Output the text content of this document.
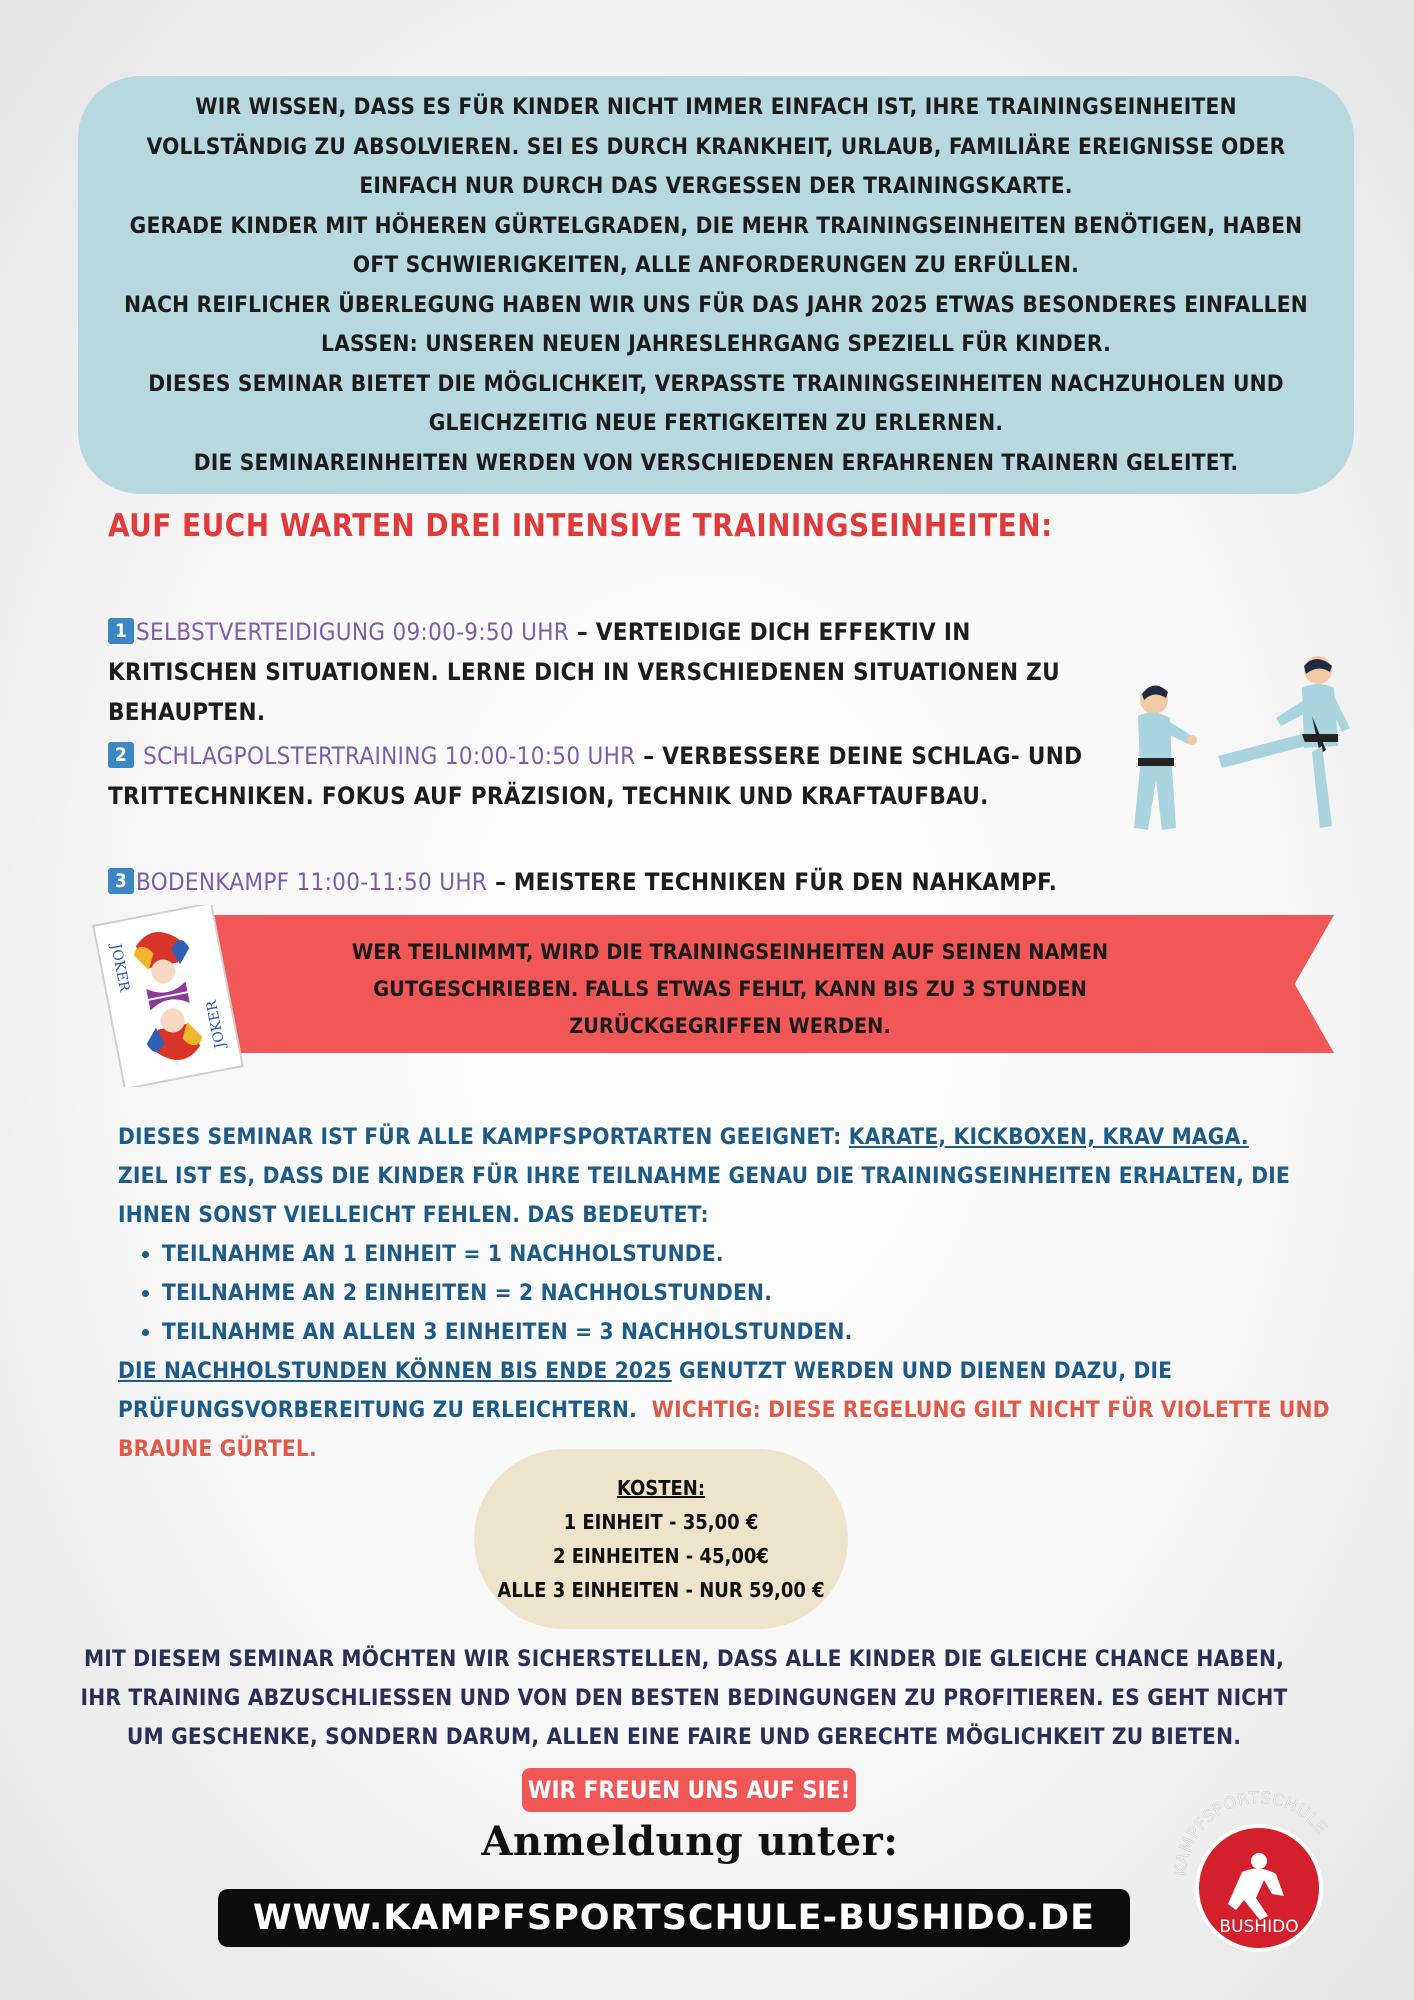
WIR WISSEN, DASS ES FÜR KINDER NICHT IMMER EINFACH IST, IHRE TRAININGSEINHEITEN VOLLSTÄNDIG ZU ABSOLVIEREN. SEI ES DURCH KRANKHEIT, URLAUB, FAMILIÄRE EREIGNISSE ODER EINFACH NUR DURCH DAS VERGESSEN DER TRAININGSKARTE.

GERADE KINDER MIT HÖHEREN GÜRTELGRADEN, DIE MEHR TRAININGSEINHEITEN BENÖTIGEN, HABEN OFT SCHWIERIGKEITEN, ALLE ANFORDERUNGEN ZU ERFÜLLEN.

NACH REIFLICHER ÜBERLEGUNG HABEN WIR UNS FÜR DAS JAHR 2025 ETWAS BESONDERES EINFALLEN LASSEN: UNSEREN NEUEN JAHRESLEHRGANG SPEZIELL FÜR KINDER.

DIESES SEMINAR BIETET DIE MÖGLICHKEIT, VERPASSTE TRAININGSEINHEITEN NACHZUHOLEN UND GLEICHZEITIG NEUE FERTIGKEITEN ZU ERLERNEN.

DIE SEMINAREINHEITEN WERDEN VON VERSCHIEDENEN ERFAHRENEN TRAINERN GELEITET.

AUF EUCH WARTEN DREI INTENSIVE TRAININGSEINHEITEN:
1 SELBSTVERTEIDIGUNG 09:00-9:50 UHR – VERTEIDIGE DICH EFFEKTIV IN KRITISCHEN SITUATIONEN. LERNE DICH IN VERSCHIEDENEN SITUATIONEN ZU BEHAUPTEN.
2 SCHLAGPOLSTERTRAINING 10:00-10:50 UHR – VERBESSERE DEINE SCHLAG- UND TRITTECHNIKEN. FOKUS AUF PRÄZISION, TECHNIK UND KRAFTAUFBAU.
3 BODENKAMPF 11:00-11:50 UHR – MEISTERE TECHNIKEN FÜR DEN NAHKAMPF.
WER TEILNIMMT, WIRD DIE TRAININGSEINHEITEN AUF SEINEN NAMEN GUTGESCHRIEBEN. FALLS ETWAS FEHLT, KANN BIS ZU 3 STUNDEN ZURÜCKGEGRIFFEN WERDEN.
JOKER
JOKER

DIESES SEMINAR IST FÜR ALLE KAMPFSPORTARTEN GEEIGNET: KARATE, KICKBOXEN, KRAV MAGA.

ZIEL IST ES, DASS DIE KINDER FÜR IHRE TEILNAHME GENAU DIE TRAININGSEINHEITEN ERHALTEN, DIE IHNEN SONST VIELLEICHT FEHLEN. DAS BEDEUTET:

• TEILNAHME AN 1 EINHEIT = 1 NACHHOLSTUNDE.
• TEILNAHME AN 2 EINHEITEN = 2 NACHHOLSTUNDEN.
• TEILNAHME AN ALLEN 3 EINHEITEN = 3 NACHHOLSTUNDEN.

DIE NACHHOLSTUNDEN KÖNNEN BIS ENDE 2025 GENUTZT WERDEN UND DIENEN DAZU, DIE PRÜFUNGSVORBEREITUNG ZU ERLEICHTERN. WICHTIG: DIESE REGELUNG GILT NICHT FÜR VIOLETTE UND BRAUNE GÜRTEL.

KOSTEN:
1 EINHEIT - 35,00 €
2 EINHEITEN - 45,00€
ALLE 3 EINHEITEN - NUR 59,00 €

MIT DIESEM SEMINAR MÖCHTEN WIR SICHERSTELLEN, DASS ALLE KINDER DIE GLEICHE CHANCE HABEN, IHR TRAINING ABZUSCHLIESSEN UND VON DEN BESTEN BEDINGUNGEN ZU PROFITIEREN. ES GEHT NICHT UM GESCHENKE, SONDERN DARUM, ALLEN EINE FAIRE UND GERECHTE MÖGLICHKEIT ZU BIETEN.

WIR FREUEN UNS AUF SIE!
Anmeldung unter:
WWW.KAMPFSPORTSCHULE-BUSHIDO.DE
KAMPFSPORTSCHULE
BUSHIDO
